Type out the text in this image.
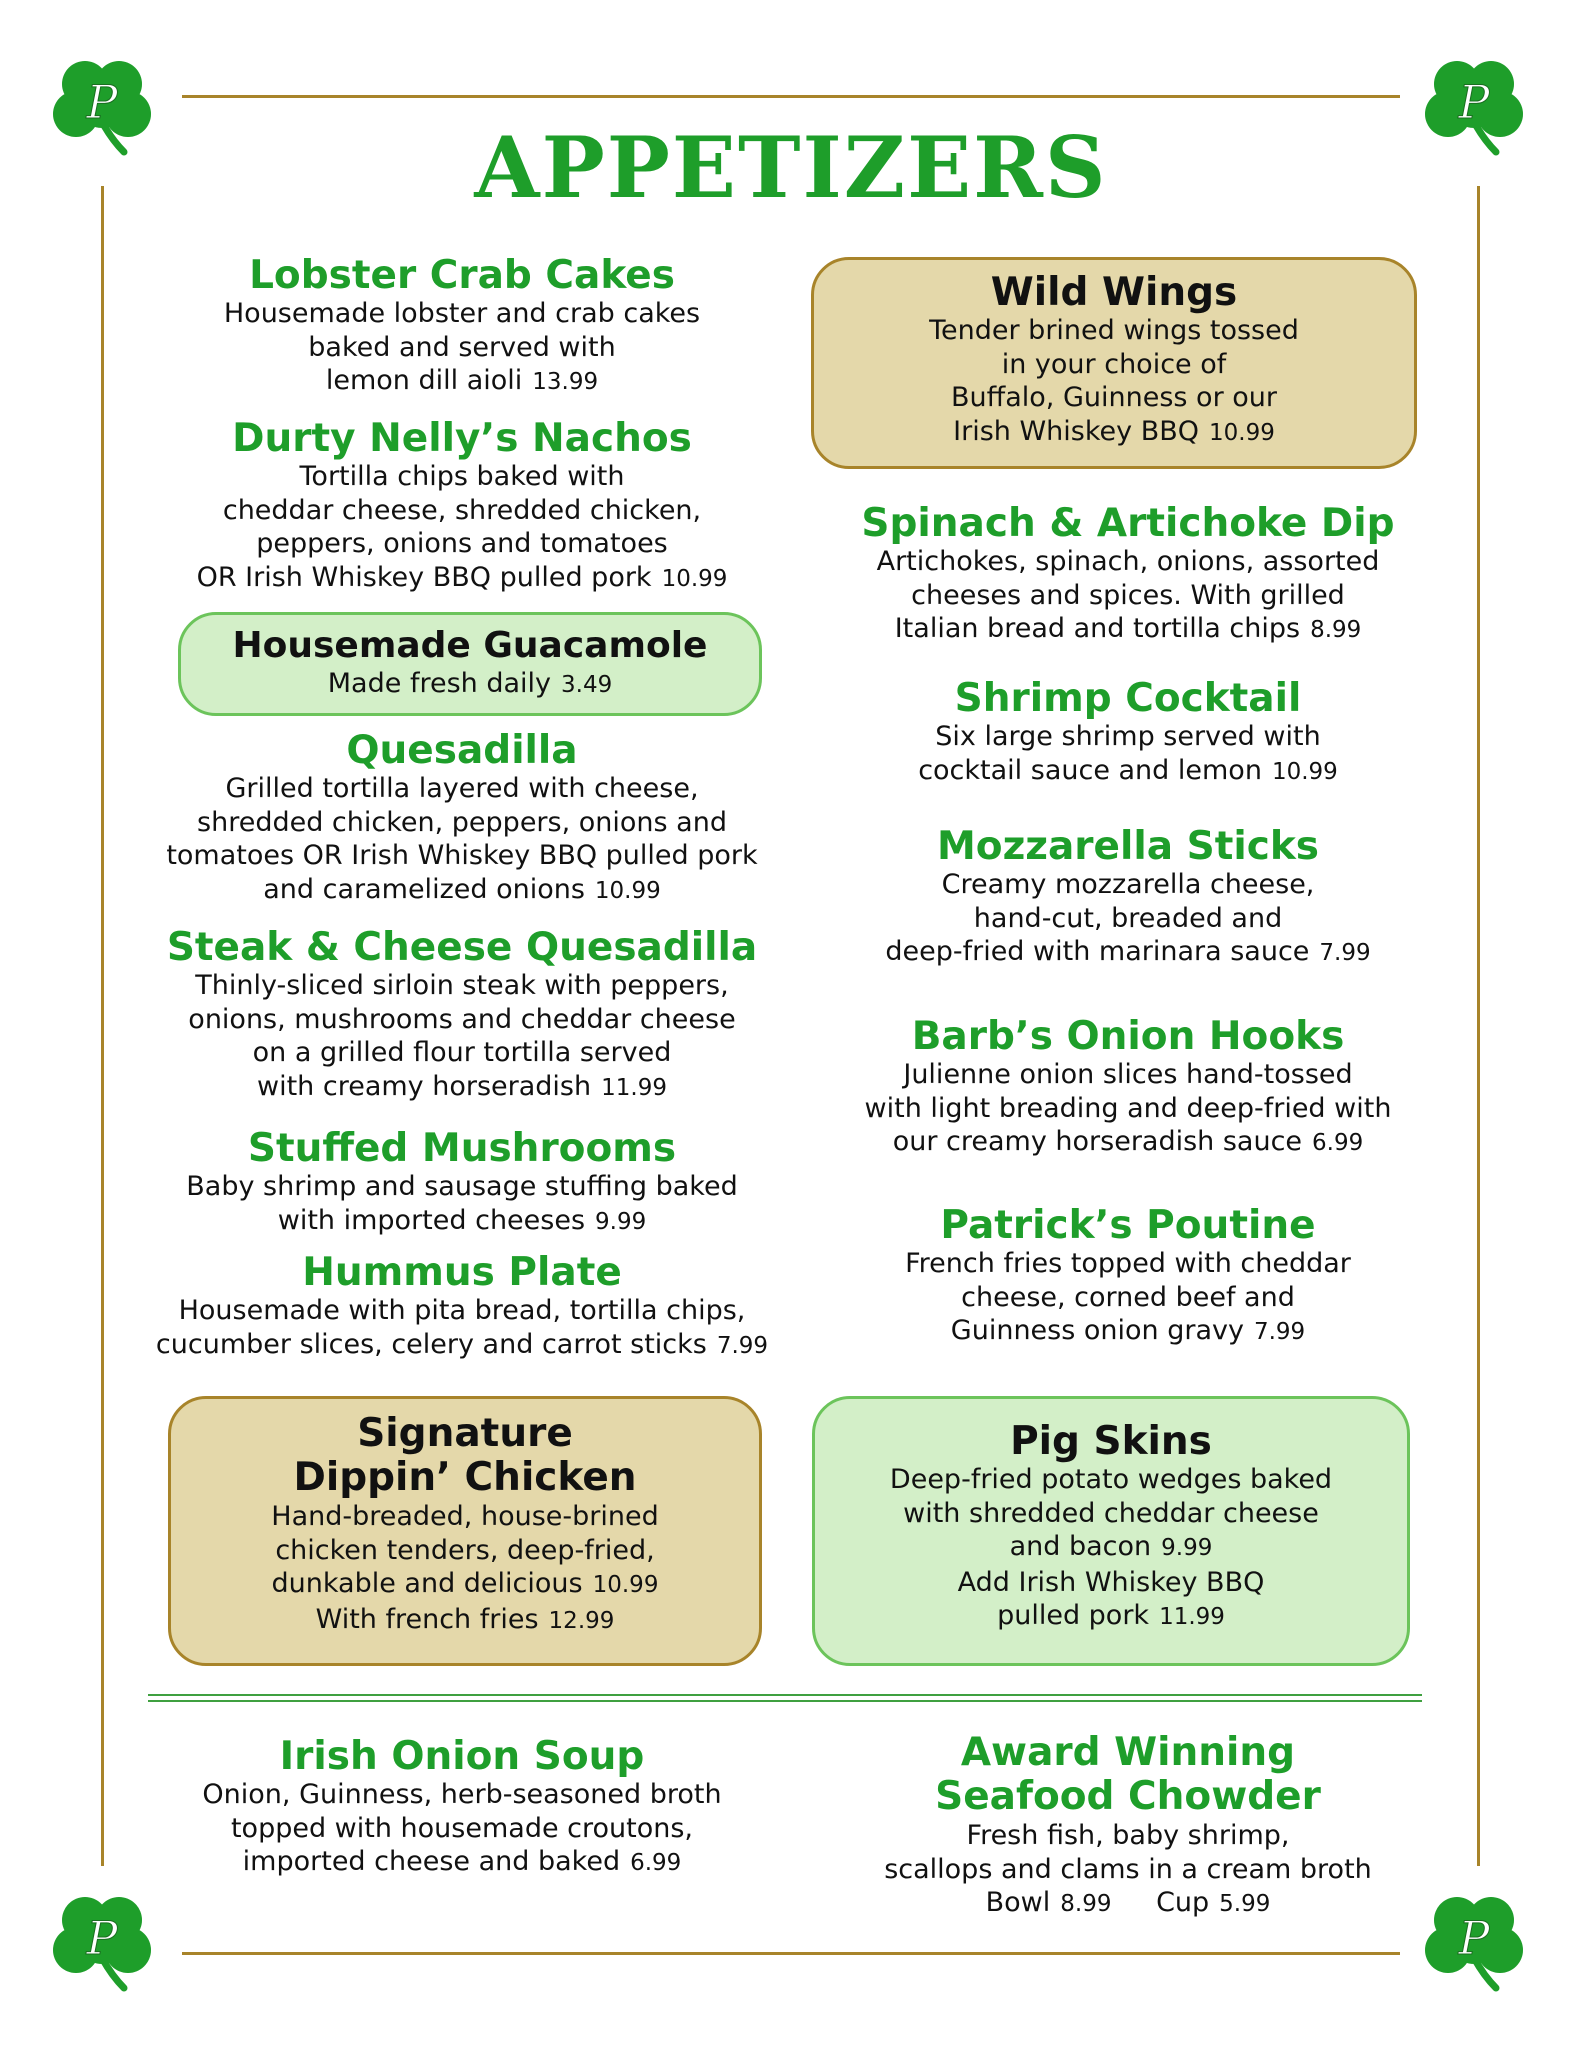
P	P
P	P
APPETIZERS
Lobster Crab Cakes
Housemade lobster and crab cakes
baked and served with
lemon dill aioli 13.99
Durty Nelly’s Nachos
Tortilla chips baked with
cheddar cheese, shredded chicken,
peppers, onions and tomatoes
OR Irish Whiskey BBQ pulled pork 10.99
Housemade Guacamole
Made fresh daily 3.49
Quesadilla
Grilled tortilla layered with cheese,
shredded chicken, peppers, onions and
tomatoes OR Irish Whiskey BBQ pulled pork
and caramelized onions 10.99
Steak & Cheese Quesadilla
Thinly-sliced sirloin steak with peppers,
onions, mushrooms and cheddar cheese
on a grilled flour tortilla served
with creamy horseradish 11.99
Stuffed Mushrooms
Baby shrimp and sausage stuffing baked
with imported cheeses 9.99
Hummus Plate
Housemade with pita bread, tortilla chips,
cucumber slices, celery and carrot sticks 7.99
Signature
Dippin’ Chicken
Hand-breaded, house-brined
chicken tenders, deep-fried,
dunkable and delicious 10.99
With french fries 12.99
Wild Wings
Tender brined wings tossed
in your choice of
Buffalo, Guinness or our
Irish Whiskey BBQ 10.99
Spinach & Artichoke Dip
Artichokes, spinach, onions, assorted
cheeses and spices. With grilled
Italian bread and tortilla chips 8.99
Shrimp Cocktail
Six large shrimp served with
cocktail sauce and lemon 10.99
Mozzarella Sticks
Creamy mozzarella cheese,
hand-cut, breaded and
deep-fried with marinara sauce 7.99
Barb’s Onion Hooks
Julienne onion slices hand-tossed
with light breading and deep-fried with
our creamy horseradish sauce 6.99
Patrick’s Poutine
French fries topped with cheddar
cheese, corned beef and
Guinness onion gravy 7.99
Pig Skins
Deep-fried potato wedges baked
with shredded cheddar cheese
and bacon 9.99
Add Irish Whiskey BBQ
pulled pork 11.99
Irish Onion Soup
Onion, Guinness, herb-seasoned broth
topped with housemade croutons,
imported cheese and baked 6.99
Award Winning
Seafood Chowder
Fresh fish, baby shrimp,
scallops and clams in a cream broth
Bowl 8.99 Cup 5.99
